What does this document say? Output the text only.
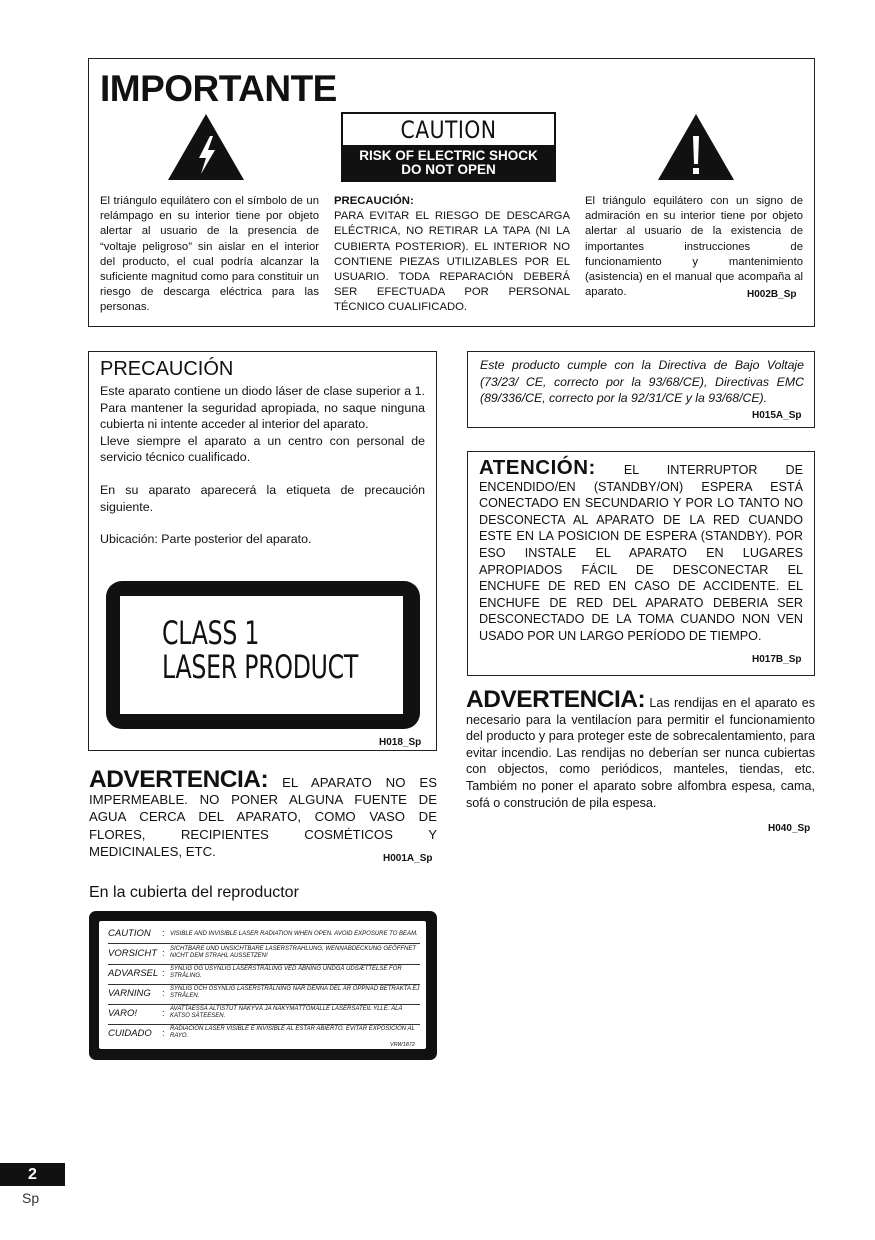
IMPORTANTE
CAUTION
RISK OF ELECTRIC SHOCK
DO NOT OPEN
El triángulo equilátero con el símbolo de un relámpago en su interior tiene por objeto alertar al usuario de la presencia de “voltaje peligroso” sin aislar en el interior del producto, el cual podría alcanzar la suficiente magnitud como para constituir un riesgo de descarga eléctrica para las personas.
PRECAUCIÓN:
PARA EVITAR EL RIESGO DE DESCARGA ELÉCTRICA, NO RETIRAR LA TAPA (NI LA CUBIERTA POSTERIOR). EL INTERIOR NO CONTIENE PIEZAS UTILIZABLES POR EL USUARIO. TODA REPARACIÓN DEBERÁ SER EFECTUADA POR PERSONAL TÉCNICO CUALIFICADO.
El triángulo equilátero con un signo de admiración en su interior tiene por objeto alertar al usuario de la existencia de importantes instrucciones de funcionamiento y mantenimiento (asistencia) en el manual que acompaña al aparato.	H002B_Sp
PRECAUCIÓN
Este aparato contiene un diodo láser de clase superior a 1. Para mantener la seguridad apropiada, no saque ninguna cubierta ni intente acceder al interior del aparato.
Lleve siempre el aparato a un centro con personal de servicio técnico cualificado.
En su aparato aparecerá la etiqueta de precaución siguiente.
Ubicación: Parte posterior del aparato.
CLASS 1
LASER PRODUCT
H018_Sp
ADVERTENCIA: EL APARATO NO ES IMPERMEABLE. NO PONER ALGUNA FUENTE DE AGUA CERCA DEL APARATO, COMO VASO DE FLORES, RECIPIENTES COSMÉTICOS Y MEDICINALES, ETC.	H001A_Sp
En la cubierta del reproductor
CAUTION : VISIBLE AND INVISIBLE LASER RADIATION WHEN OPEN. AVOID EXPOSURE TO BEAM.
VORSICHT : SICHTBARE UND UNSICHTBARE LASERSTRAHLUNG, WENNABDECKUNG GEÖFFNET NICHT DEM STRAHL AUSSETZEN!
ADVARSEL : SYNLIG OG USYNLIG LASERSTRÅLING VED ÅBNING UNDGÅ UDSÆTTELSE FOR STRÅLING.
VARNING : SYNLIG OCH OSYNLIG LASERSTRÅLNING NÄR DENNA DEL ÄR ÖPPNAD BETRAKTA EJ STRÅLEN.
VARO!	: AVATTAESSA ALTISTUT NÄKYVÄ JA NÄKYMÄTTÖMÄLLE LASERSATEIL YLLE. ÄLÄ KATSO SÄTEESEN.
CUIDADO : RADIACIÓN LÁSER VISIBLE E INVISIBLE AL ESTAR ABIERTO. EVITAR EXPOSICIÓN AL RAYO.
VRW1872
Este producto cumple con la Directiva de Bajo Voltaje (73/23/ CE, correcto por la 93/68/CE), Directivas EMC (89/336/CE, correcto por la 92/31/CE y la 93/68/CE).
H015A_Sp
ATENCIÓN: EL INTERRUPTOR DE ENCENDIDO/EN (STANDBY/ON) ESPERA ESTÁ CONECTADO EN SECUNDARIO Y POR LO TANTO NO DESCONECTA AL APARATO DE LA RED CUANDO ESTE EN LA POSICION DE ESPERA (STANDBY). POR ESO INSTALE EL APARATO EN LUGARES APROPIADOS FÁCIL DE DESCONECTAR EL ENCHUFE DE RED EN CASO DE ACCIDENTE. EL ENCHUFE DE RED DEL APARATO DEBERIA SER DESCONECTADO DE LA TOMA CUANDO NON VEN USADO POR UN LARGO PERÍODO DE TIEMPO.
H017B_Sp
ADVERTENCIA: Las rendijas en el aparato es necesario para la ventilacíon para permitir el funcionamiento del producto y para proteger este de sobrecalentamiento, para evitar incendio. Las rendijas no deberían ser nunca cubiertas con objectos, como periódicos, manteles, tiendas, etc. Tambiém no poner el aparato sobre alfombra espesa, cama, sofá o construción de pila espesa.
H040_Sp
2
Sp
